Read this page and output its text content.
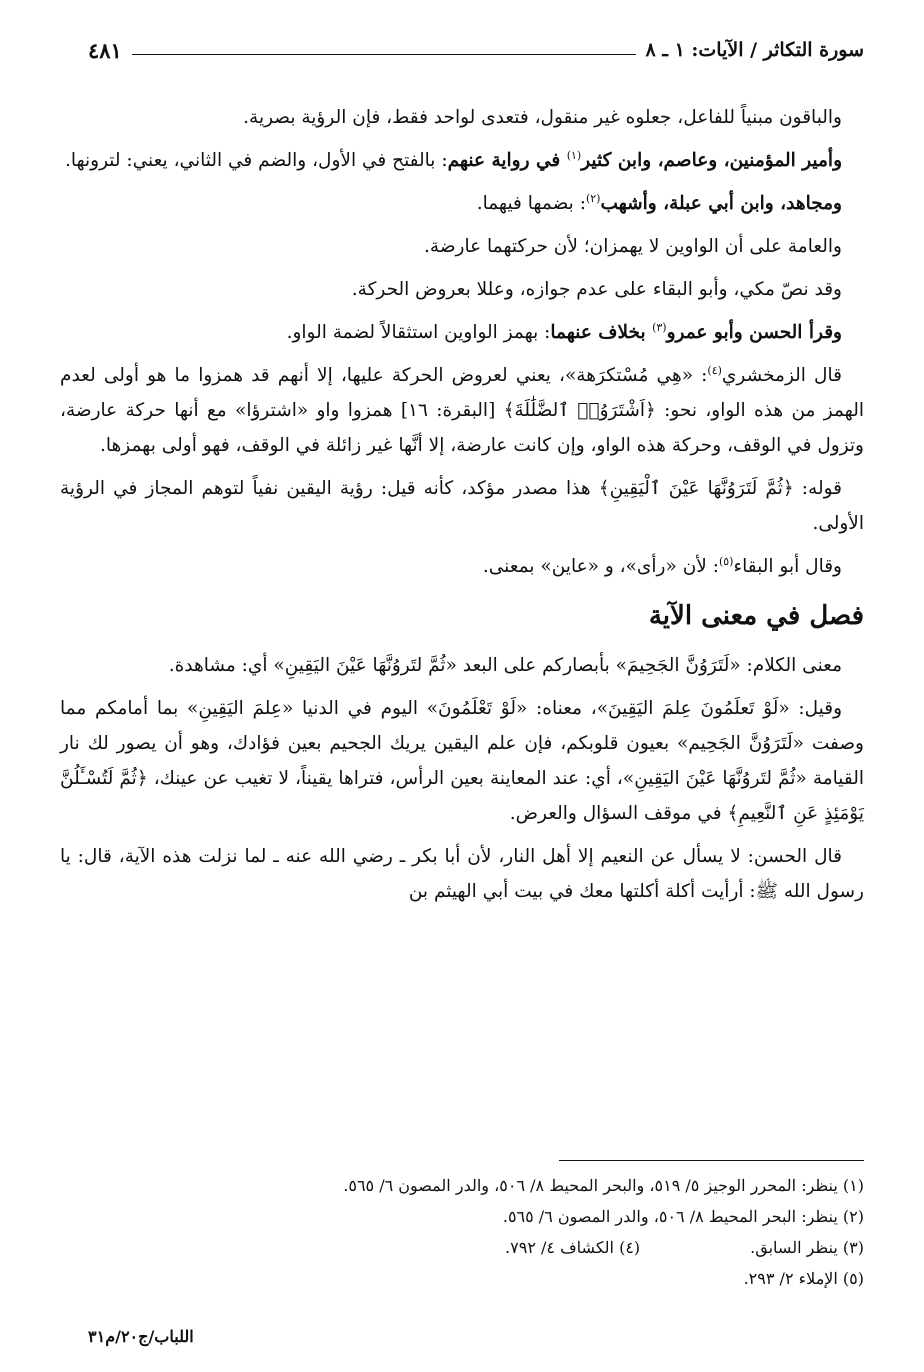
سورة التكاثر / الآيات: ١ ـ ٨
٤٨١

والباقون مبنياً للفاعل، جعلوه غير منقول، فتعدى لواحد فقط، فإن الرؤية بصرية.

وأمير المؤمنين، وعاصم، وابن كثير$^{(١)}$ في رواية عنهم: بالفتح في الأول، والضم في الثاني، يعني: لترونها.

ومجاهد، وابن أبي عبلة، وأشهب$^{(٢)}$: بضمها فيهما.

والعامة على أن الواوين لا يهمزان؛ لأن حركتهما عارضة.

وقد نصّ مكي، وأبو البقاء على عدم جوازه، وعللا بعروض الحركة.

وقرأ الحسن وأبو عمرو$^{(٣)}$ بخلاف عنهما: بهمز الواوين استثقالاً لضمة الواو.

قال الزمخشري$^{(٤)}$: «هِي مُسْتكرَهة»، يعني لعروض الحركة عليها، إلا أنهم قد همزوا ما هو أولى لعدم الهمز من هذه الواو، نحو: ﴿اَشْتَرَوُا۟ ٱلضَّلَٰلَةَ﴾ [البقرة: ١٦] همزوا واو «اشترؤا» مع أنها حركة عارضة، وتزول في الوقف، وحركة هذه الواو، وإن كانت عارضة، إلا أنَّها غير زائلة في الوقف، فهو أولى بهمزها.

قوله: ﴿ثُمَّ لَتَرَوُنَّهَا عَيْنَ ٱلْيَقِينِ﴾ هذا مصدر مؤكد، كأنه قيل: رؤية اليقين نفياً لتوهم المجاز في الرؤية الأولى.

وقال أبو البقاء$^{(٥)}$: لأن «رأى»، و «عاين» بمعنى.

فصل في معنى الآية

معنى الكلام: «لَتَرَوُنَّ الجَحِيمَ» بأبصاركم على البعد «ثُمَّ لتَروُنَّهَا عَيْنَ اليَقِينِ» أي: مشاهدة.

وقيل: «لَوْ تَعلَمُونَ عِلمَ اليَقِينَ»، معناه: «لَوْ تَعْلَمُونَ» اليوم في الدنيا «عِلمَ اليَقِينِ» بما أمامكم مما وصفت «لَتَرَوُنَّ الجَحِيم» بعيون قلوبكم، فإن علم اليقين يريك الجحيم بعين فؤادك، وهو أن يصور لك نار القيامة «ثُمَّ لتَروُنَّهَا عَيْنَ اليَقِينِ»، أي: عند المعاينة بعين الرأس، فتراها يقيناً، لا تغيب عن عينك، ﴿ثُمَّ لَتُسْـَٔلُنَّ يَوْمَئِذٍ عَنِ ٱلنَّعِيمِ﴾ في موقف السؤال والعرض.

قال الحسن: لا يسأل عن النعيم إلا أهل النار، لأن أبا بكر ـ رضي الله عنه ـ لما نزلت هذه الآية، قال: يا رسول الله ﷺ: أرأيت أكلة أكلتها معك في بيت أبي الهيثم بن

(١) ينظر: المحرر الوجيز ٥/ ٥١٩، والبحر المحيط ٨/ ٥٠٦، والدر المصون ٦/ ٥٦٥.
(٢) ينظر: البحر المحيط ٨/ ٥٠٦، والدر المصون ٦/ ٥٦٥.
(٣) ينظر السابق.
(٤) الكشاف ٤/ ٧٩٢.
(٥) الإملاء ٢/ ٢٩٣.
اللباب/ج٢٠/م٣١
